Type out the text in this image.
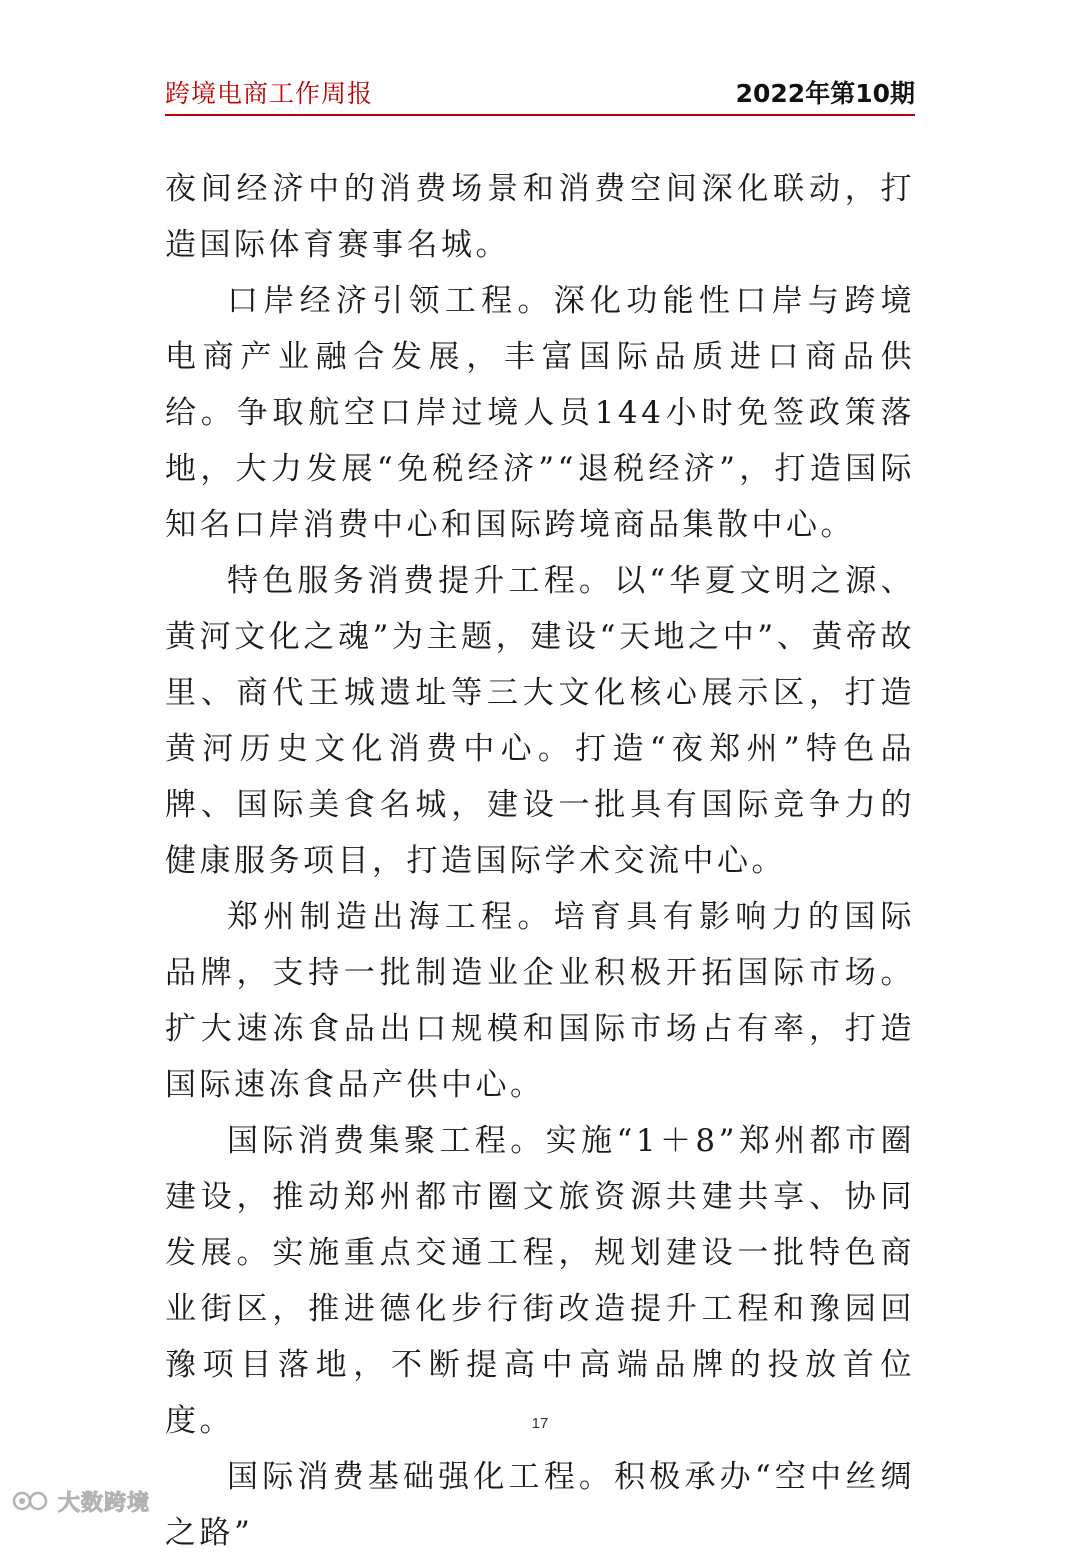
跨境电商工作周报	2022年第10期

夜间经济中的消费场景和消费空间深化联动，打造国际体育赛事名城。

口岸经济引领工程。深化功能性口岸与跨境电商产业融合发展，丰富国际品质进口商品供给。争取航空口岸过境人员144小时免签政策落地，大力发展“免税经济”“退税经济”，打造国际知名口岸消费中心和国际跨境商品集散中心。

特色服务消费提升工程。以“华夏文明之源、黄河文化之魂”为主题，建设“天地之中”、黄帝故里、商代王城遗址等三大文化核心展示区，打造黄河历史文化消费中心。打造“夜郑州”特色品牌、国际美食名城，建设一批具有国际竞争力的健康服务项目，打造国际学术交流中心。

郑州制造出海工程。培育具有影响力的国际品牌，支持一批制造业企业积极开拓国际市场。扩大速冻食品出口规模和国际市场占有率，打造国际速冻食品产供中心。

国际消费集聚工程。实施“1＋8”郑州都市圈建设，推动郑州都市圈文旅资源共建共享、协同发展。实施重点交通工程，规划建设一批特色商业街区，推进德化步行街改造提升工程和豫园回豫项目落地，不断提高中高端品牌的投放首位度。

国际消费基础强化工程。积极承办“空中丝绸之路”

17
大数跨境
